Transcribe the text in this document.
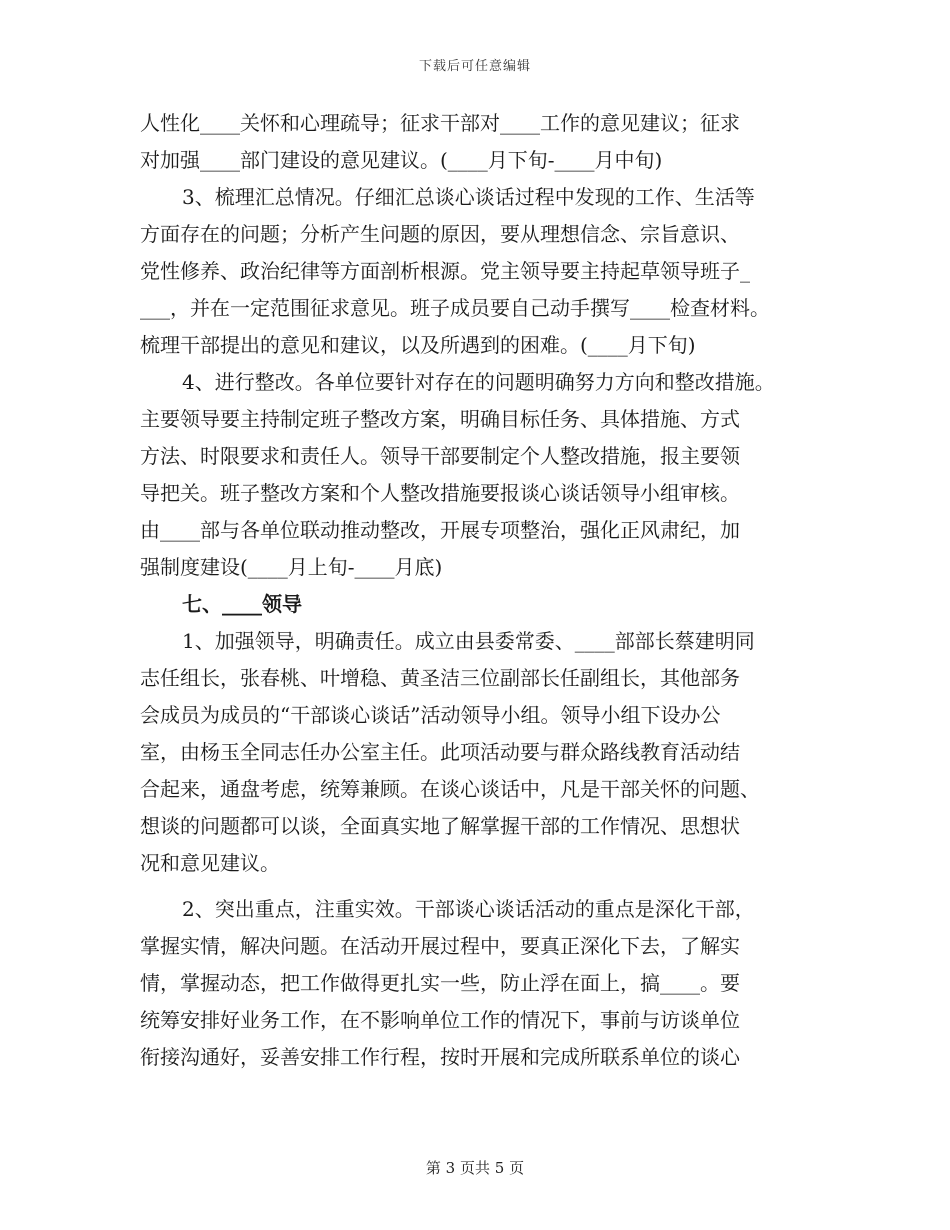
下载后可任意编辑
人性化____关怀和心理疏导；征求干部对____工作的意见建议；征求
对加强____部门建设的意见建议。(____月下旬-____月中旬)
3、梳理汇总情况。仔细汇总谈心谈话过程中发现的工作、生活等
方面存在的问题；分析产生问题的原因，要从理想信念、宗旨意识、
党性修养、政治纪律等方面剖析根源。党主领导要主持起草领导班子_
___，并在一定范围征求意见。班子成员要自己动手撰写____检查材料。
梳理干部提出的意见和建议，以及所遇到的困难。(____月下旬)
4、进行整改。各单位要针对存在的问题明确努力方向和整改措施。
主要领导要主持制定班子整改方案，明确目标任务、具体措施、方式
方法、时限要求和责任人。领导干部要制定个人整改措施，报主要领
导把关。班子整改方案和个人整改措施要报谈心谈话领导小组审核。
由____部与各单位联动推动整改，开展专项整治，强化正风肃纪，加
强制度建设(____月上旬-____月底)
七、____领导
1、加强领导，明确责任。成立由县委常委、____部部长蔡建明同
志任组长，张春桃、叶增稳、黄圣洁三位副部长任副组长，其他部务
会成员为成员的“干部谈心谈话”活动领导小组。领导小组下设办公
室，由杨玉全同志任办公室主任。此项活动要与群众路线教育活动结
合起来，通盘考虑，统筹兼顾。在谈心谈话中，凡是干部关怀的问题、
想谈的问题都可以谈，全面真实地了解掌握干部的工作情况、思想状
况和意见建议。
2、突出重点，注重实效。干部谈心谈话活动的重点是深化干部，
掌握实情，解决问题。在活动开展过程中，要真正深化下去，了解实
情，掌握动态，把工作做得更扎实一些，防止浮在面上，搞____。要
统筹安排好业务工作，在不影响单位工作的情况下，事前与访谈单位
衔接沟通好，妥善安排工作行程，按时开展和完成所联系单位的谈心
第 3 页共 5 页
